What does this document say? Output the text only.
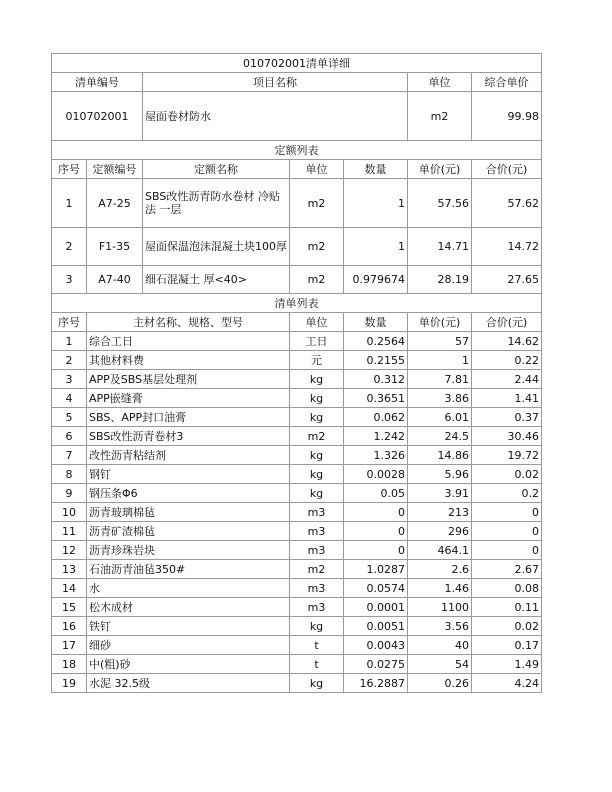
010702001清单详细						
清单编号		项目名称			单位	综合单价
010702001		屋面卷材防水			m2	99.98
定额列表						
序号	定额编号	定额名称	单位	数量	单价(元)	合价(元)
1	A7-25	SBS改性沥青防水卷材 冷贴法 一层	m2	1	57.56	57.62
2	F1-35	屋面保温泡沫混凝土块100厚	m2	1	14.71	14.72
3	A7-40	细石混凝土 厚<40>	m2	0.979674	28.19	27.65
清单列表						
序号	主材名称、规格、型号		单位	数量	单价(元)	合价(元)
1	综合工日		工日	0.2564	57	14.62
2	其他材料费		元	0.2155	1	0.22
3	APP及SBS基层处理剂		kg	0.312	7.81	2.44
4	APP嵌缝膏		kg	0.3651	3.86	1.41
5	SBS、APP封口油膏		kg	0.062	6.01	0.37
6	SBS改性沥青卷材3		m2	1.242	24.5	30.46
7	改性沥青粘结剂		kg	1.326	14.86	19.72
8	钢钉		kg	0.0028	5.96	0.02
9	钢压条Φ6		kg	0.05	3.91	0.2
10	沥青玻璃棉毡		m3	0	213	0
11	沥青矿渣棉毡		m3	0	296	0
12	沥青珍珠岩块		m3	0	464.1	0
13	石油沥青油毡350#		m2	1.0287	2.6	2.67
14	水		m3	0.0574	1.46	0.08
15	松木成材		m3	0.0001	1100	0.11
16	铁钉		kg	0.0051	3.56	0.02
17	细砂		t	0.0043	40	0.17
18	中(粗)砂		t	0.0275	54	1.49
19	水泥 32.5级		kg	16.2887	0.26	4.24
